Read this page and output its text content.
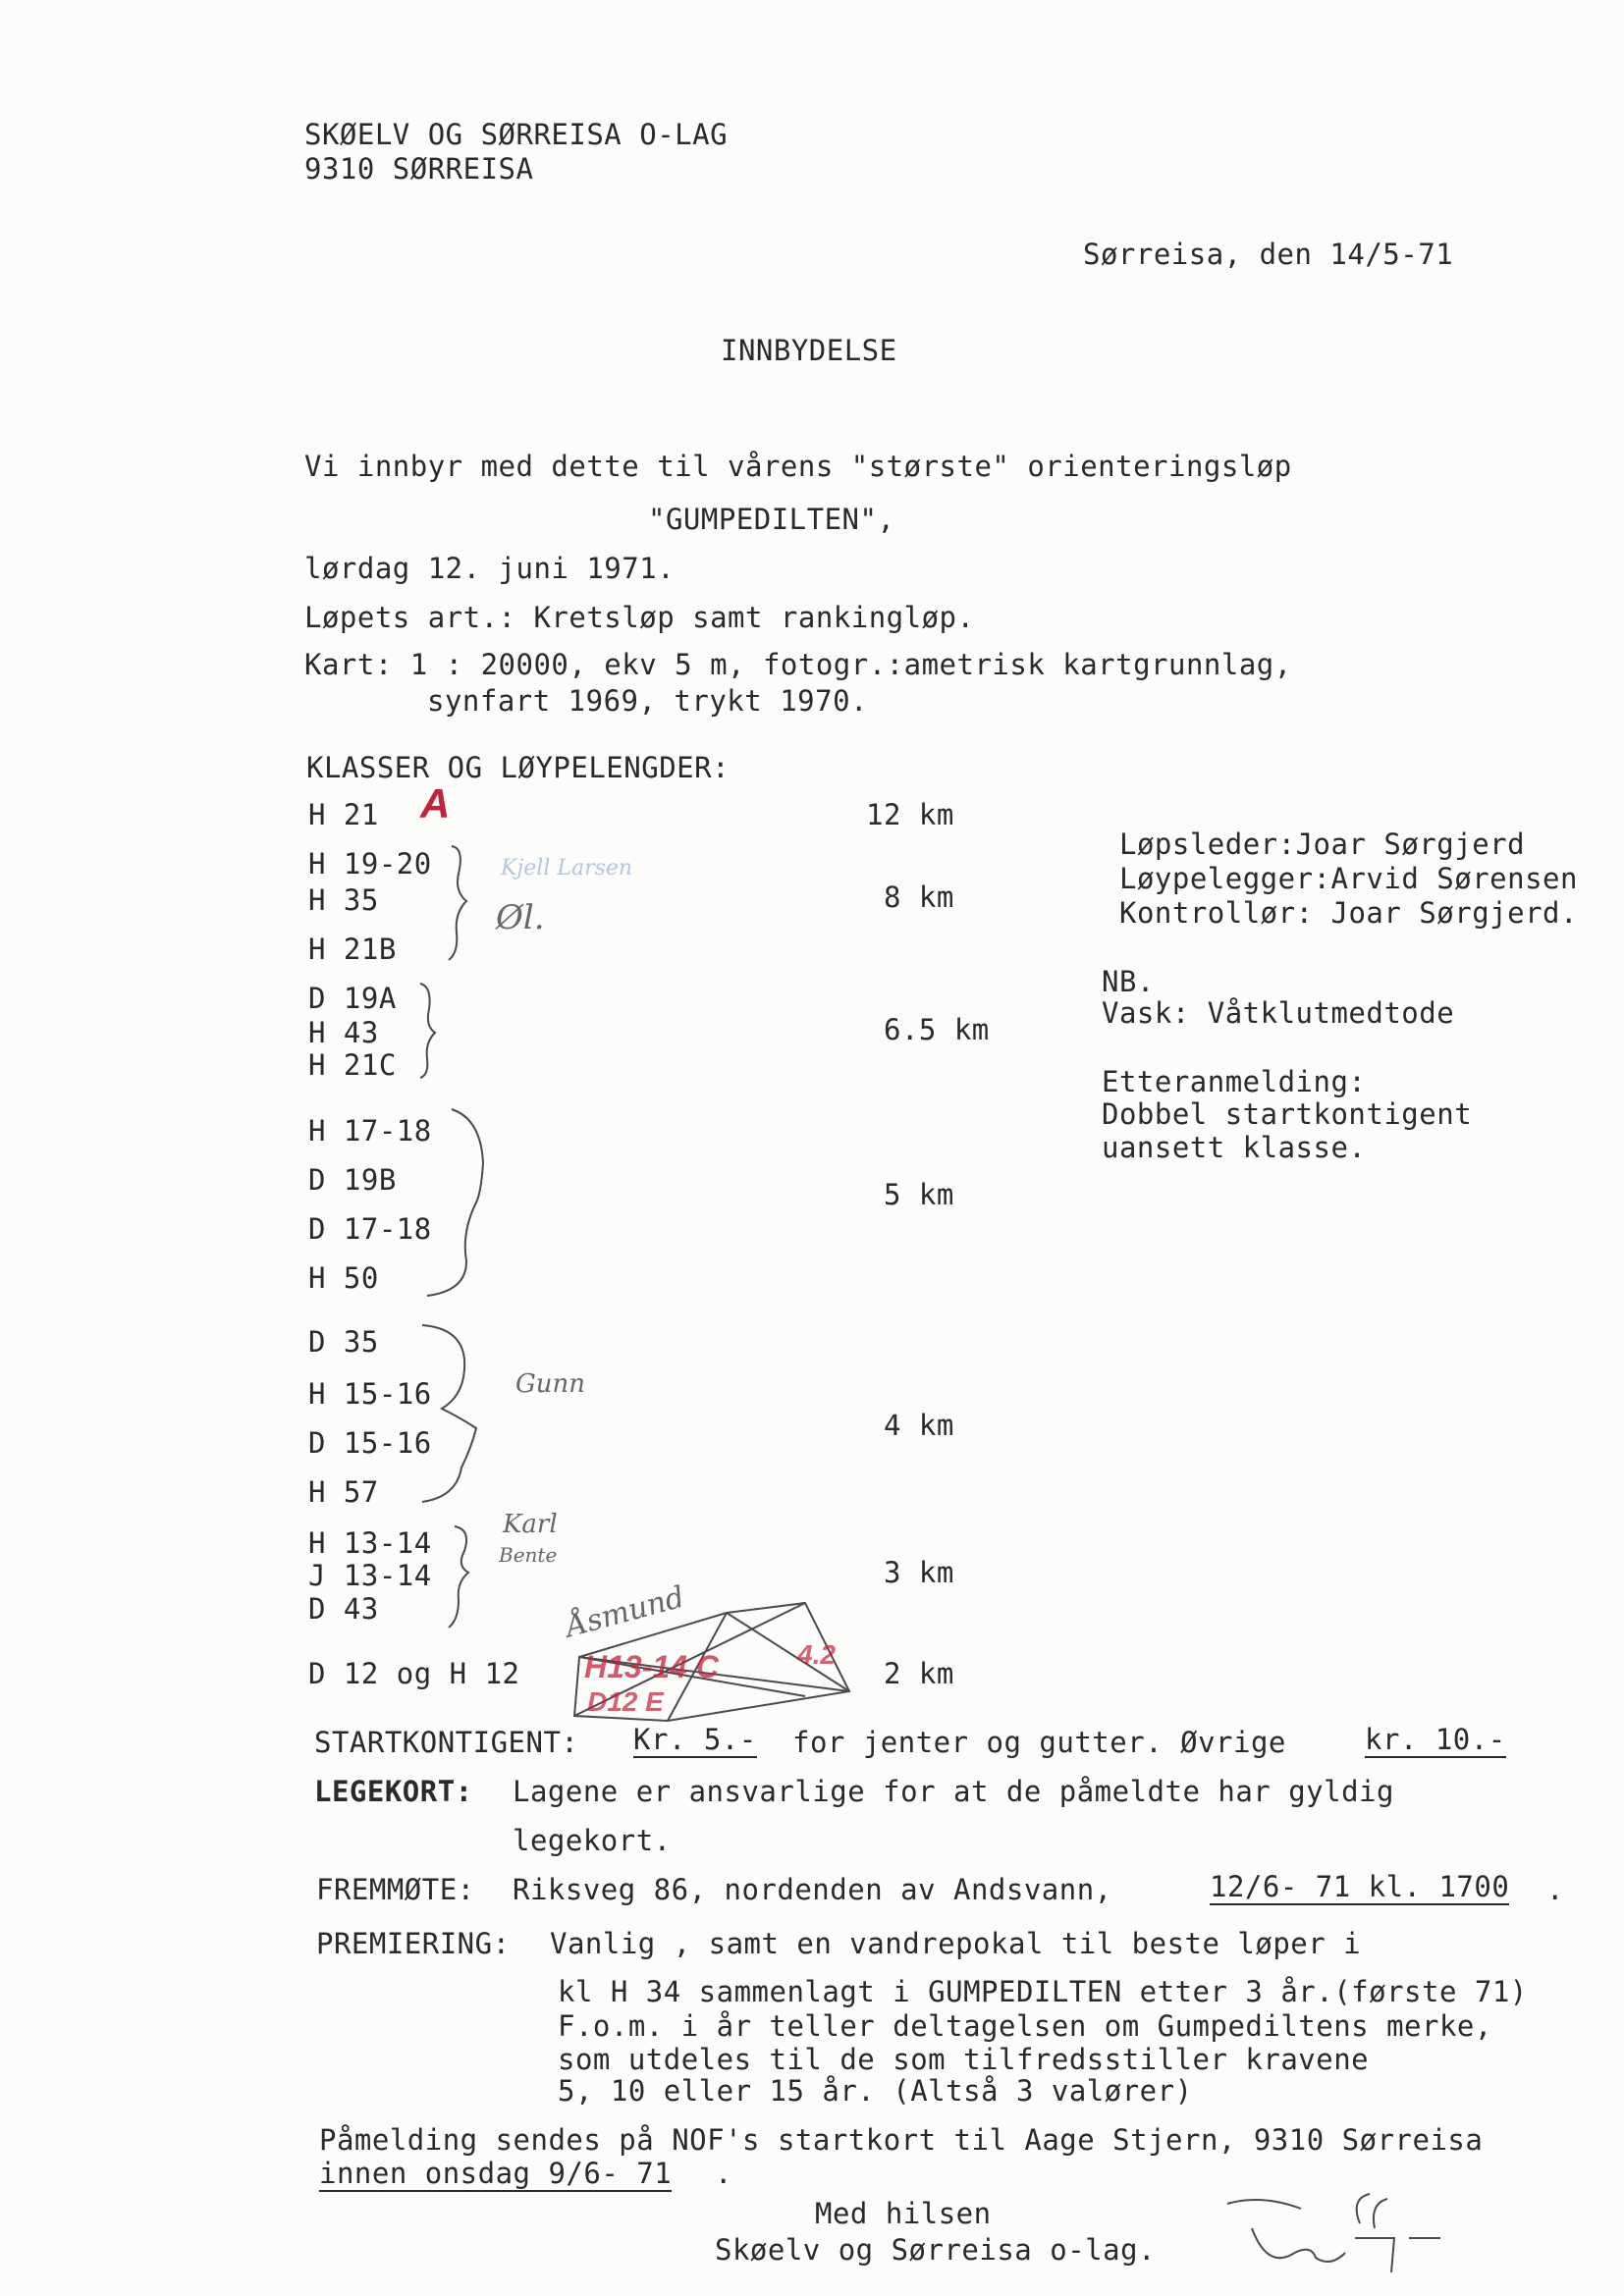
SKØELV OG SØRREISA O-LAG
9310 SØRREISA
Sørreisa, den 14/5-71
INNBYDELSE
Vi innbyr med dette til vårens "største" orienteringsløp
"GUMPEDILTEN",
lørdag 12. juni 1971.
Løpets art.: Kretsløp samt rankingløp.
Kart: 1 : 20000, ekv 5 m, fotogr.:ametrisk kartgrunnlag,
synfart 1969, trykt 1970.
KLASSER OG LØYPELENGDER:
H 21
H 19-20
H 35
H 21B
D 19A
H 43
H 21C
H 17-18
D 19B
D 17-18
H 50
D 35
H 15-16
D 15-16
H 57
H 13-14
J 13-14
D 43
D 12 og H 12
12 km
8 km
6.5 km
5 km
4 km
3 km
2 km
A
Kjell Larsen
Øl.
Gunn
Karl
Bente
Åsmund
H13-14 C
D12 E
4.2
Løpsleder:Joar Sørgjerd
Løypelegger:Arvid Sørensen
Kontrollør: Joar Sørgjerd.
NB.
Vask: Våtklutmedtode
Etteranmelding:
Dobbel startkontigent
uansett klasse.
STARTKONTIGENT: Kr. 5.- for jenter og gutter. Øvrige	kr. 10.-
LEGEKORT: Lagene er ansvarlige for at de påmeldte har gyldig
legekort.
FREMMØTE: Riksveg 86, nordenden av Andsvann,	12/6- 71 kl. 1700 .
PREMIERING: Vanlig , samt en vandrepokal til beste løper i
kl H 34 sammenlagt i GUMPEDILTEN etter 3 år.(første 71)
F.o.m. i år teller deltagelsen om Gumpediltens merke,
som utdeles til de som tilfredsstiller kravene
5, 10 eller 15 år. (Altså 3 valører)
Påmelding sendes på NOF's startkort til Aage Stjern, 9310 Sørreisa
innen onsdag 9/6- 71 .
Med hilsen
Skøelv og Sørreisa o-lag.
